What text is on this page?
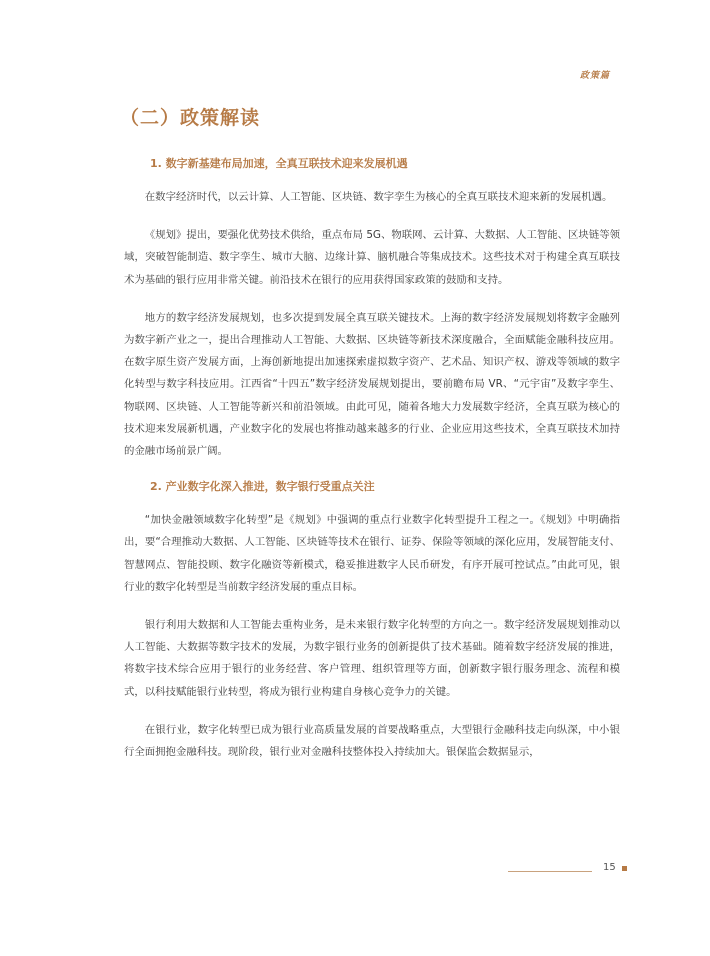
政策篇
（二）政策解读
1. 数字新基建布局加速，全真互联技术迎来发展机遇

在数字经济时代，以云计算、人工智能、区块链、数字孪生为核心的全真互联技术迎来新的发展机遇。

《规划》提出，要强化优势技术供给，重点布局 5G、物联网、云计算、大数据、人工智能、区块链等领域，突破智能制造、数字孪生、城市大脑、边缘计算、脑机融合等集成技术。这些技术对于构建全真互联技术为基础的银行应用非常关键。前沿技术在银行的应用获得国家政策的鼓励和支持。

地方的数字经济发展规划，也多次提到发展全真互联关键技术。上海的数字经济发展规划将数字金融列为数字新产业之一，提出合理推动人工智能、大数据、区块链等新技术深度融合，全面赋能金融科技应用。在数字原生资产发展方面，上海创新地提出加速探索虚拟数字资产、艺术品、知识产权、游戏等领域的数字化转型与数字科技应用。江西省“十四五”数字经济发展规划提出，要前瞻布局 VR、“元宇宙”及数字孪生、物联网、区块链、人工智能等新兴和前沿领域。由此可见，随着各地大力发展数字经济，全真互联为核心的技术迎来发展新机遇，产业数字化的发展也将推动越来越多的行业、企业应用这些技术，全真互联技术加持的金融市场前景广阔。

2. 产业数字化深入推进，数字银行受重点关注

“加快金融领域数字化转型”是《规划》中强调的重点行业数字化转型提升工程之一。《规划》中明确指出，要“合理推动大数据、人工智能、区块链等技术在银行、证券、保险等领域的深化应用，发展智能支付、智慧网点、智能投顾、数字化融资等新模式，稳妥推进数字人民币研发，有序开展可控试点。”由此可见，银行业的数字化转型是当前数字经济发展的重点目标。

银行利用大数据和人工智能去重构业务，是未来银行数字化转型的方向之一。数字经济发展规划推动以人工智能、大数据等数字技术的发展，为数字银行业务的创新提供了技术基础。随着数字经济发展的推进，将数字技术综合应用于银行的业务经营、客户管理、组织管理等方面，创新数字银行服务理念、流程和模式，以科技赋能银行业转型，将成为银行业构建自身核心竞争力的关键。

在银行业，数字化转型已成为银行业高质量发展的首要战略重点，大型银行金融科技走向纵深，中小银行全面拥抱金融科技。现阶段，银行业对金融科技整体投入持续加大。银保监会数据显示，

15
